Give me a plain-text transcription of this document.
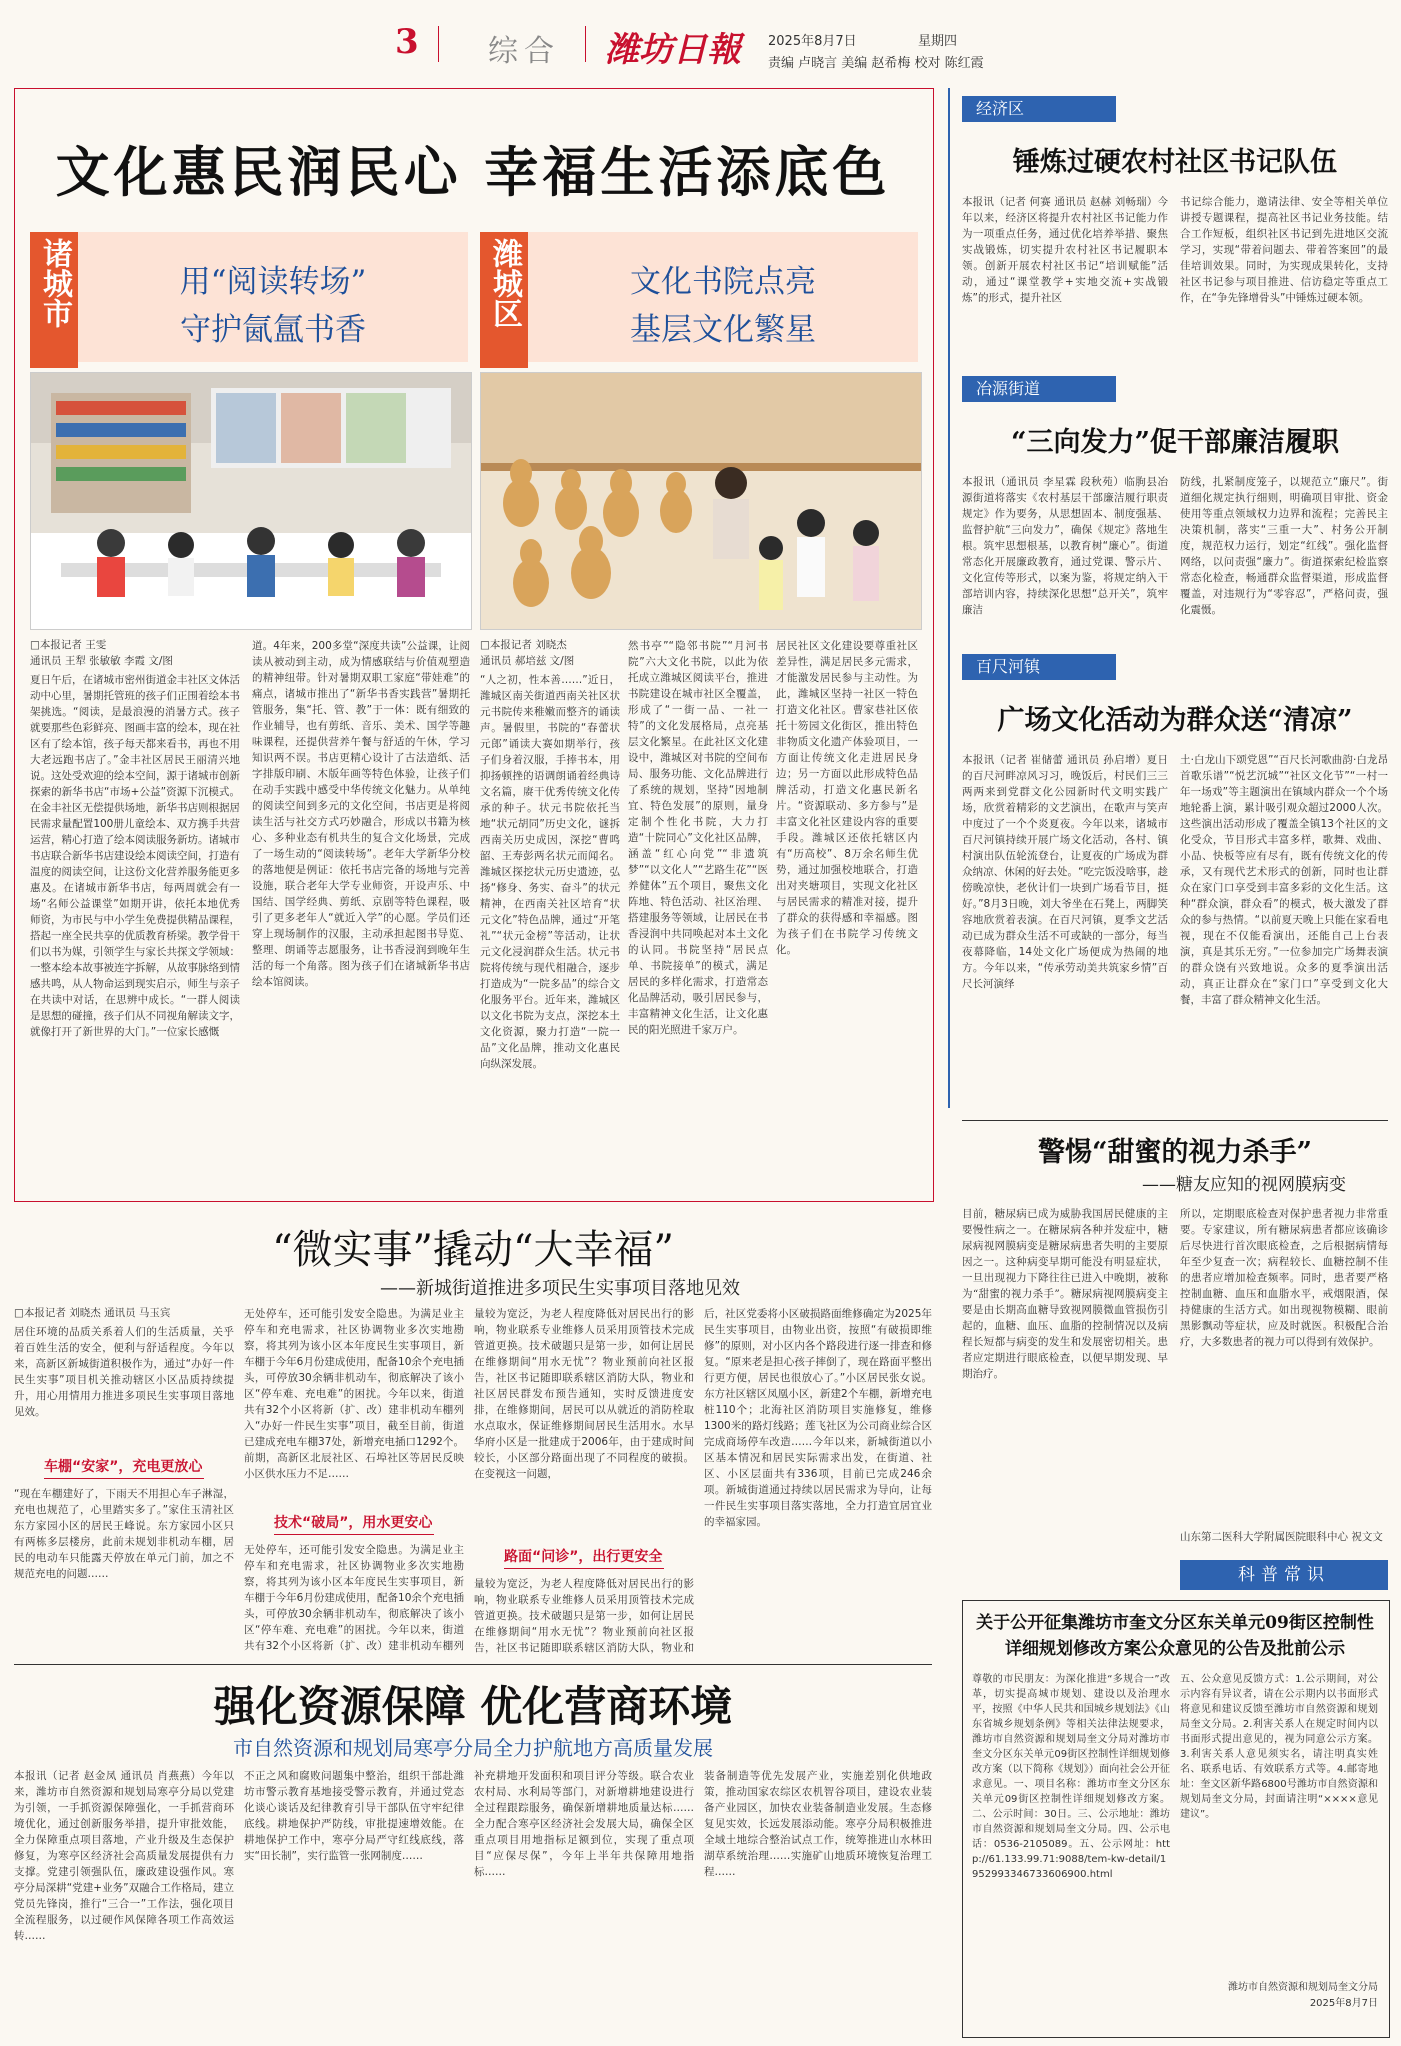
3 综合 潍坊日報 2025年8月7日	星期四
责编 卢晓言 美编 赵希梅 校对 陈红霞
文化惠民润民心 幸福生活添底色
诸城市	用“阅读转场”
守护氤氲书香
□本报记者 王雯
通讯员 王犁 张敏敏 李霞 文/图
夏日午后，在诸城市密州街道金丰社区文体活动中心里，暑期托管班的孩子们正围着绘本书架挑选。“阅读，是最浪漫的消暑方式。孩子就要那些色彩鲜亮、图画丰富的绘本，现在社区有了绘本馆，孩子每天都来看书，再也不用大老远跑书店了。”金丰社区居民王丽清兴地说。这处受欢迎的绘本空间，源于诸城市创新探索的新华书店“市场+公益”资源下沉模式。在金丰社区无偿提供场地，新华书店则根据居民需求量配置100册儿童绘本、双方携手共营运营，精心打造了绘本阅读服务新坊。诸城市书店联合新华书店建设绘本阅读空间，打造有温度的阅读空间，让这份文化营养服务能更多惠及。在诸城市新华书店，每两周就会有一场“名师公益课堂”如期开讲，依托本地优秀师资，为市民与中小学生免费提供精品课程，搭起一座全民共享的优质教育桥梁。教学骨干们以书为媒，引领学生与家长共探文学领域：一整本绘本故事被连字拆解，从故事脉络到情感共鸣，从人物命运到现实启示，师生与亲子在共读中对话，在思辨中成长。“一群人阅读是思想的碰撞，孩子们从不同视角解读文字，就像打开了新世界的大门。”一位家长感慨
道。4年来，200多堂“深度共读”公益课，让阅读从被动到主动，成为情感联结与价值观塑造的精神纽带。针对暑期双职工家庭“带娃难”的痛点，诸城市推出了“新华书香实践营”暑期托管服务，集“托、管、教”于一体：既有细致的作业辅导，也有剪纸、音乐、美术、国学等趣味课程，还提供营养午餐与舒适的午休，学习知识两不误。书店更精心设计了古法造纸、活字排版印刷、木版年画等特色体验，让孩子们在动手实践中感受中华传统文化魅力。从单纯的阅读空间到多元的文化空间，书店更是将阅读生活与社交方式巧妙融合，形成以书籍为核心、多种业态有机共生的复合文化场景，完成了一场生动的“阅读转场”。老年大学新华分校的落地便是例证：依托书店完备的场地与完善设施，联合老年大学专业师资，开设声乐、中国结、国学经典、剪纸、京剧等特色课程，吸引了更多老年人“就近入学”的心愿。学员们还穿上现场制作的汉服，主动承担起图书导览、整理、朗诵等志愿服务，让书香浸润到晚年生活的每一个角落。图为孩子们在诸城新华书店绘本馆阅读。
潍城区	文化书院点亮
基层文化繁星
□本报记者 刘晓杰
通讯员 郝培兹 文/图
“人之初，性本善……”近日，潍城区南关街道西南关社区状元书院传来稚嫩而整齐的诵读声。暑假里，书院的“春蕾状元郎”诵读大赛如期举行，孩子们身着汉服，手捧书本，用抑扬顿挫的语调朗诵着经典诗文名篇，赓干优秀传统文化传承的种子。状元书院依托当地“状元胡同”历史文化，谜拆西南关历史成因，深挖“曹鸣韶、王寿彭两名状元而闻名。潍城区探挖状元历史遗迹，弘扬“修身、务实、奋斗”的状元精神，在西南关社区培育“状元文化”特色品牌，通过“开笔礼”“状元金榜”等活动，让状元文化浸润群众生活。状元书院将传统与现代相融合，逐步打造成为“一院多品”的综合文化服务平台。近年来，潍城区以文化书院为支点，深挖本土文化资源，聚力打造“一院一品”文化品牌，推动文化惠民向纵深发展。
然书亭”“隐邻书院”“月河书院”六大文化书院，以此为依托成立潍城区阅读平台，推进书院建设在城市社区全覆盖，形成了“一街一品、一社一特”的文化发展格局，点亮基层文化繁星。在此社区文化建设中，潍城区对书院的空间布局、服务功能、文化品牌进行了系统的规划，坚持“因地制宜、特色发展”的原则，量身定制个性化书院，大力打造“十院同心”文化社区品牌，涵盖“红心向党”“非遗筑梦”“以文化人”“艺路生花”“医养健体”五个项目，聚焦文化阵地、特色活动、社区治理、搭建服务等领域，让居民在书香浸润中共同唤起对本土文化的认同。书院坚持“居民点单、书院接单”的模式，满足居民的多样化需求，打造常态化品牌活动，吸引居民参与，丰富精神文化生活，让文化惠民的阳光照进千家万户。
居民社区文化建设要尊重社区差异性，满足居民多元需求，才能激发居民参与主动性。为此，潍城区坚持一社区一特色打造文化社区。曹家巷社区依托十笏园文化街区，推出特色非物质文化遗产体验项目，一方面让传统文化走进居民身边；另一方面以此形成特色品牌活动，打造文化惠民新名片。“资源联动、多方参与”是丰富文化社区建设内容的重要手段。潍城区还依托辖区内有“历高校”、8万余名师生优势，通过加强校地联合，打造出对夹塘项目，实现文化社区与居民需求的精准对接，提升了群众的获得感和幸福感。图为孩子们在书院学习传统文化。
“微实事”撬动“大幸福”
——新城街道推进多项民生实事项目落地见效
□本报记者 刘晓杰 通讯员 马玉宾
居住环境的品质关系着人们的生活质量，关乎着百姓生活的安全，便利与舒适程度。今年以来，高新区新城街道积极作为，通过“办好一件民生实事”项目机关推动辖区小区品质持续提升，用心用情用力推进多项民生实事项目落地见效。
车棚“安家”，充电更放心
“现在车棚建好了，下雨天不用担心车子淋湿，充电也规范了，心里踏实多了。”家住玉清社区东方家园小区的居民王峰说。东方家园小区只有两栋多层楼房，此前未规划非机动车棚，居民的电动车只能露天停放在单元门前，加之不规范充电的问题……
无处停车，还可能引发安全隐患。为满足业主停车和充电需求，社区协调物业多次实地勘察，将其列为该小区本年度民生实事项目，新车棚于今年6月份建成使用，配备10余个充电插头，可停放30余辆非机动车，彻底解决了该小区“停车难、充电难”的困扰。今年以来，街道共有32个小区将新（扩、改）建非机动车棚列入“办好一件民生实事”项目，截至目前，街道已建成充电车棚37处，新增充电插口1292个。前期，高新区北辰社区、石埠社区等居民反映小区供水压力不足……
技术“破局”，用水更安心
无处停车，还可能引发安全隐患。为满足业主停车和充电需求，社区协调物业多次实地勘察，将其列为该小区本年度民生实事项目，新车棚于今年6月份建成使用，配备10余个充电插头，可停放30余辆非机动车，彻底解决了该小区“停车难、充电难”的困扰。今年以来，街道共有32个小区将新（扩、改）建非机动车棚列
量较为宽泛，为老人程度降低对居民出行的影响，物业联系专业维修人员采用顶管技术完成管道更换。技术破题只是第一步，如何让居民在维修期间“用水无忧”？物业预前向社区报告，社区书记随即联系辖区消防大队，物业和社区居民群发布预告通知，实时反馈进度安排，在维修期间，居民可以从就近的消防栓取水点取水，保证维修期间居民生活用水。水早华府小区是一批建成于2006年，由于建成时间较长，小区部分路面出现了不同程度的破损。在变视这一问题，
路面“问诊”，出行更安全
量较为宽泛，为老人程度降低对居民出行的影响，物业联系专业维修人员采用顶管技术完成管道更换。技术破题只是第一步，如何让居民在维修期间“用水无忧”？物业预前向社区报告，社区书记随即联系辖区消防大队，物业和
后，社区党委将小区破损路面维修确定为2025年民生实事项目，由物业出资，按照“有破损即维修”的原则，对小区内各个路段进行逐一排查和修复。“原来老是担心孩子摔倒了，现在路面平整出行更方便，居民也很放心了。”小区居民张女说。东方社区辖区凤凰小区，新建2个车棚，新增充电桩110个；北海社区消防项目实施修复，维修1300米的路灯线路；莲飞社区为公司商业综合区完成商场停车改造……今年以来，新城街道以小区基本情况和居民实际需求出发，在街道、社区、小区层面共有336项，目前已完成246余项。新城街道通过持续以居民需求为导向，让每一件民生实事项目落实落地，全力打造宜居宜业的幸福家园。
强化资源保障 优化营商环境
市自然资源和规划局寒亭分局全力护航地方高质量发展
本报讯（记者 赵金凤 通讯员 肖燕燕）今年以来，潍坊市自然资源和规划局寒亭分局以党建为引领，一手抓资源保障强化，一手抓营商环境优化，通过创新服务举措，提升审批效能，全力保障重点项目落地，产业升级及生态保护修复，为寒亭区经济社会高质量发展提供有力支撑。党建引领强队伍，廉政建设强作风。寒亭分局深耕“党建+业务”双融合工作格局，建立党员先锋岗，推行“三合一”工作法，强化项目全流程服务，以过硬作风保障各项工作高效运转……
不正之风和腐败问题集中整治，组织干部赴潍坊市警示教育基地接受警示教育，并通过党态化谈心谈话及纪律教育引导干部队伍守牢纪律底线。耕地保护严防线，审批提速增效能。在耕地保护工作中，寒亭分局严守红线底线，落实“田长制”，实行监管一张网制度……
补充耕地开发面积和项目评分等级。联合农业农村局、水利局等部门，对新增耕地建设进行全过程跟踪服务，确保新增耕地质量达标……全力配合寒亭区经济社会发展大局，确保全区重点项目用地指标足额到位，实现了重点项目“应保尽保”，今年上半年共保障用地指标……
装备制造等优先发展产业，实施差别化供地政策，推动国家农综区农机智谷项目，建设农业装备产业园区，加快农业装备制造业发展。生态修复见实效，长远发展添动能。寒亭分局积极推进全域土地综合整治试点工作，统筹推进山水林田湖草系统治理……实施矿山地质环境恢复治理工程……
经济区
锤炼过硬农村社区书记队伍
本报讯（记者 何赛 通讯员 赵赫 刘畅瑞）今年以来，经济区将提升农村社区书记能力作为一项重点任务，通过优化培养举措、聚焦实战锻炼，切实提升农村社区书记履职本领。创新开展农村社区书记“培训赋能”活动，通过“课堂教学+实地交流+实战锻炼”的形式，提升社区
书记综合能力，邀请法律、安全等相关单位讲授专题课程，提高社区书记业务技能。结合工作短板，组织社区书记到先进地区交流学习，实现“带着问题去、带着答案回”的最佳培训效果。同时，为实现成果转化，支持社区书记参与项目推进、信访稳定等重点工作，在“争先锋增骨头”中锤炼过硬本领。
冶源街道
“三向发力”促干部廉洁履职
本报讯（通讯员 李星霖 段秋苑）临朐县冶源街道将落实《农村基层干部廉洁履行职责规定》作为要务，从思想固本、制度强基、监督护航“三向发力”，确保《规定》落地生根。筑牢思想根基，以教育树“廉心”。街道常态化开展廉政教育，通过党课、警示片、文化宣传等形式，以案为鉴，将规定纳入干部培训内容，持续深化思想“总开关”，筑牢廉洁
防线，扎紧制度笼子，以规范立“廉尺”。街道细化规定执行细则，明确项目审批、资金使用等重点领域权力边界和流程；完善民主决策机制，落实“三重一大”、村务公开制度，规范权力运行，划定“红线”。强化监督网络，以问责强“廉力”。街道探索纪检监察常态化检查，畅通群众监督渠道，形成监督覆盖，对违规行为“零容忍”，严格问责，强化震慑。
百尺河镇
广场文化活动为群众送“清凉”
本报讯（记者 崔储蕾 通讯员 孙启增）夏日的百尺河畔凉风习习，晚饭后，村民们三三两两来到党群文化公园新时代文明实践广场，欣赏着精彩的文艺演出，在歌声与笑声中度过了一个个炎夏夜。今年以来，诸城市百尺河镇持续开展广场文化活动，各村、镇村演出队伍轮流登台，让夏夜的广场成为群众纳凉、休闲的好去处。“吃完饭没啥事，趁傍晚凉快，老伙计们一块到广场看节目，挺好。”8月3日晚，刘大爷坐在石凳上，两脚笑容地欣赏着表演。在百尺河镇，夏季文艺活动已成为群众生活不可或缺的一部分，每当夜幕降临，14处文化广场便成为热闹的地方。今年以来，“传承劳动美共筑家乡情”百尺长河演绎
土·白龙山下颂党恩”“百尺长河歌曲韵·白龙昂首歌乐谱”“悦艺沉城”“社区文化节”“一村一年一场戏”等主题演出在镇域内群众一个个场地轮番上演，累计吸引观众超过2000人次。这些演出活动形成了覆盖全镇13个社区的文化受众，节目形式丰富多样，歌舞、戏曲、小品、快板等应有尽有，既有传统文化的传承，又有现代艺术形式的创新，同时也让群众在家门口享受到丰富多彩的文化生活。这种“群众演，群众看”的模式，极大激发了群众的参与热情。“以前夏天晚上只能在家看电视，现在不仅能看演出，还能自己上台表演，真是其乐无穷。”一位参加完广场舞表演的群众饶有兴致地说。众多的夏季演出活动，真正让群众在“家门口”享受到文化大餐，丰富了群众精神文化生活。
警惕“甜蜜的视力杀手”
——糖友应知的视网膜病变
目前，糖尿病已成为威胁我国居民健康的主要慢性病之一。在糖尿病各种并发症中，糖尿病视网膜病变是糖尿病患者失明的主要原因之一。这种病变早期可能没有明显症状，一旦出现视力下降往往已进入中晚期，被称为“甜蜜的视力杀手”。糖尿病视网膜病变主要是由长期高血糖导致视网膜微血管损伤引起的，血糖、血压、血脂的控制情况以及病程长短都与病变的发生和发展密切相关。患者应定期进行眼底检查，以便早期发现、早期治疗。
所以，定期眼底检查对保护患者视力非常重要。专家建议，所有糖尿病患者都应该确诊后尽快进行首次眼底检查，之后根据病情每年至少复查一次；病程较长、血糖控制不佳的患者应增加检查频率。同时，患者要严格控制血糖、血压和血脂水平，戒烟限酒，保持健康的生活方式。如出现视物模糊、眼前黑影飘动等症状，应及时就医。积极配合治疗，大多数患者的视力可以得到有效保护。
山东第二医科大学附属医院眼科中心 祝文文
科普常识
关于公开征集潍坊市奎文分区东关单元09街区控制性详细规划修改方案公众意见的公告及批前公示
尊敬的市民朋友：为深化推进“多规合一”改革，切实提高城市规划、建设以及治理水平，按照《中华人民共和国城乡规划法》《山东省城乡规划条例》等相关法律法规要求，潍坊市自然资源和规划局奎文分局对潍坊市奎文分区东关单元09街区控制性详细规划修改方案（以下简称《规划》）面向社会公开征求意见。一、项目名称：潍坊市奎文分区东关单元09街区控制性详细规划修改方案。二、公示时间：30日。三、公示地址：潍坊市自然资源和规划局奎文分局。四、公示电话：0536-2105089。五、公示网址：http://61.133.99.71:9088/tem-kw-detail/1952993346733606900.html
五、公众意见反馈方式：1.公示期间，对公示内容有异议者，请在公示期内以书面形式将意见和建议反馈至潍坊市自然资源和规划局奎文分局。2.利害关系人在规定时间内以书面形式提出意见的，视为同意公示方案。3.利害关系人意见须实名，请注明真实姓名、联系电话、有效联系方式等。4.邮寄地址：奎文区新华路6800号潍坊市自然资源和规划局奎文分局，封面请注明“××××意见建议”。
潍坊市自然资源和规划局奎文分局
2025年8月7日
